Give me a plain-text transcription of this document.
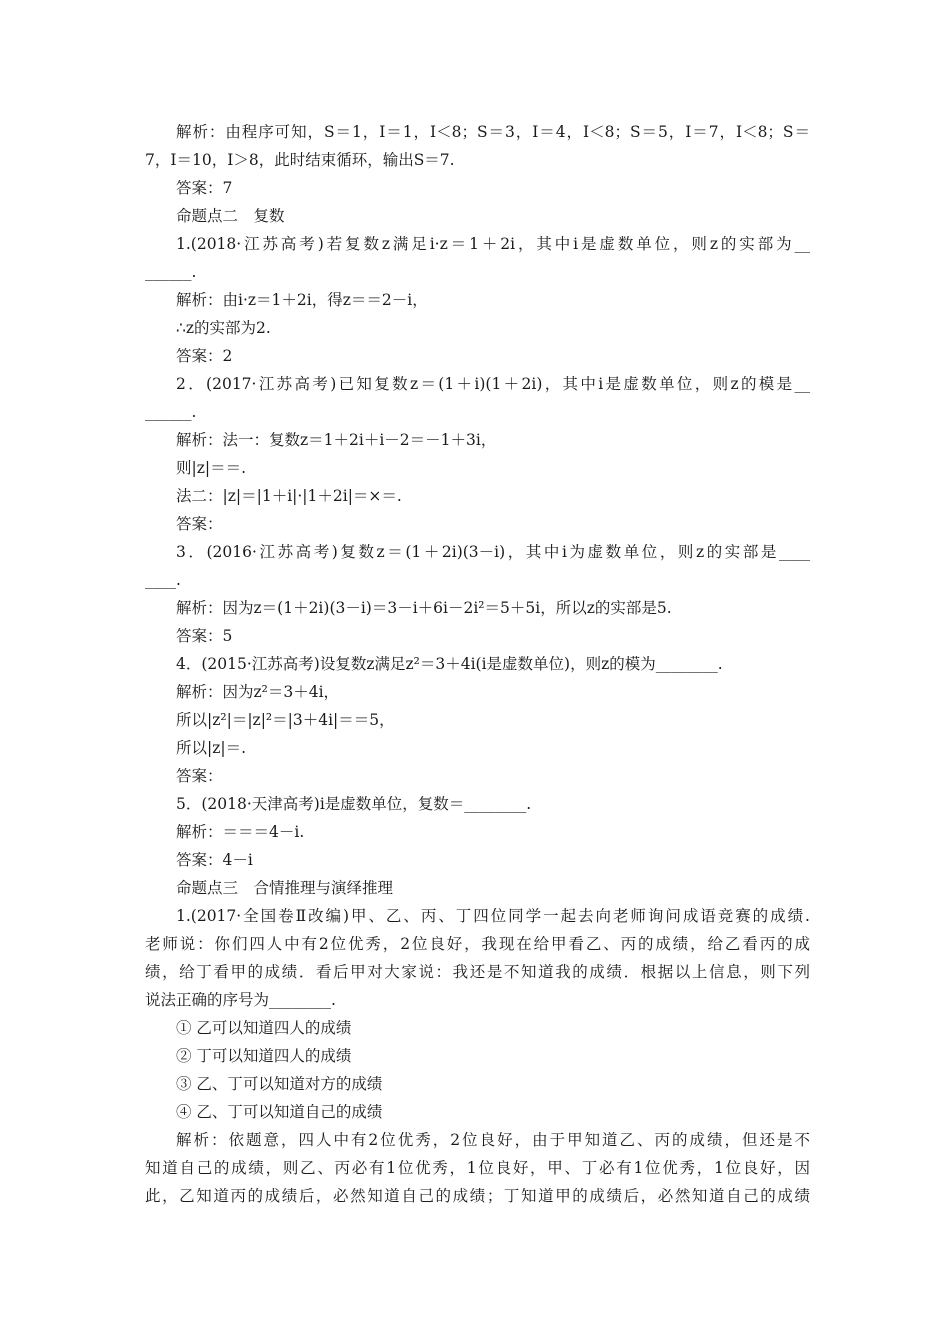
解析：由程序可知，S＝1，I＝1，I＜8；S＝3，I＝4，I＜8；S＝5，I＝7，I＜8；S＝
7，I＝10，I＞8，此时结束循环，输出S＝7.
答案：7
命题点二　复数
1.(2018·江苏高考)若复数z满足i·z＝1＋2i，其中i是虚数单位，则z的实部为__
______.
解析：由i·z＝1＋2i，得z＝＝2－i，
∴z的实部为2.
答案：2
2．(2017·江苏高考)已知复数z＝(1＋i)(1＋2i)，其中i是虚数单位，则z的模是__
______.
解析：法一：复数z＝1＋2i＋i－2＝－1＋3i，
则|z|＝＝.
法二：|z|＝|1＋i|·|1＋2i|＝×＝.
答案：
3．(2016·江苏高考)复数z＝(1＋2i)(3－i)，其中i为虚数单位，则z的实部是____
____.
解析：因为z＝(1＋2i)(3－i)＝3－i＋6i－2i²＝5＋5i，所以z的实部是5.
答案：5
4．(2015·江苏高考)设复数z满足z²＝3＋4i(i是虚数单位)，则z的模为________.
解析：因为z²＝3＋4i，
所以|z²|＝|z|²＝|3＋4i|＝＝5，
所以|z|＝.
答案：
5．(2018·天津高考)i是虚数单位，复数＝________.
解析：＝＝＝4－i.
答案：4－i
命题点三　合情推理与演绎推理
1.(2017·全国卷Ⅱ改编)甲、乙、丙、丁四位同学一起去向老师询问成语竞赛的成绩.
老师说：你们四人中有2位优秀，2位良好，我现在给甲看乙、丙的成绩，给乙看丙的成
绩，给丁看甲的成绩．看后甲对大家说：我还是不知道我的成绩．根据以上信息，则下列
说法正确的序号为________.
① 乙可以知道四人的成绩
② 丁可以知道四人的成绩
③ 乙、丁可以知道对方的成绩
④ 乙、丁可以知道自己的成绩
解析：依题意，四人中有2位优秀，2位良好，由于甲知道乙、丙的成绩，但还是不
知道自己的成绩，则乙、丙必有1位优秀，1位良好，甲、丁必有1位优秀，1位良好，因
此，乙知道丙的成绩后，必然知道自己的成绩；丁知道甲的成绩后，必然知道自己的成绩
